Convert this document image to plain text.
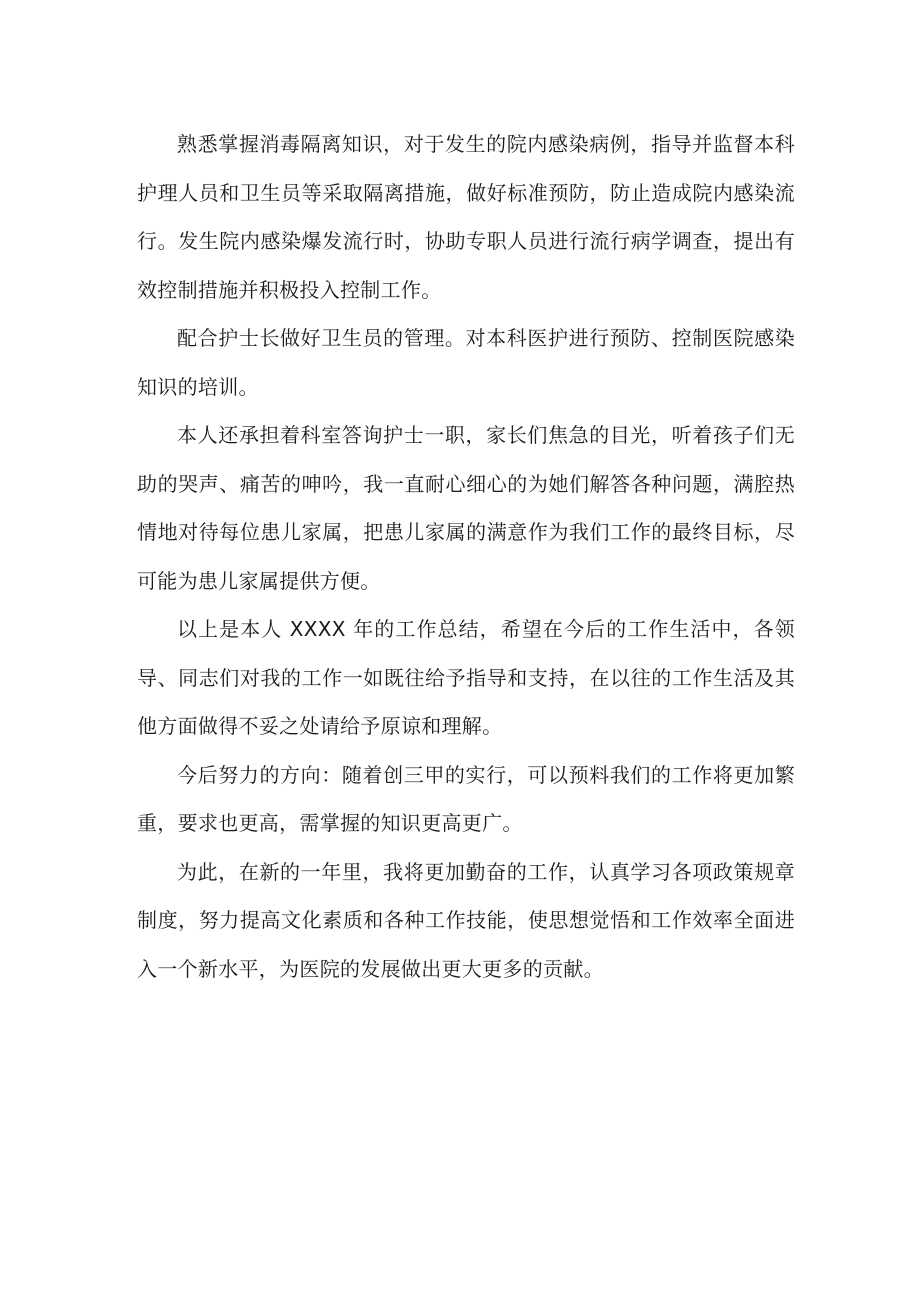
熟悉掌握消毒隔离知识，对于发生的院内感染病例，指导并监督本科护理人员和卫生员等采取隔离措施，做好标准预防，防止造成院内感染流行。发生院内感染爆发流行时，协助专职人员进行流行病学调查，提出有效控制措施并积极投入控制工作。

配合护士长做好卫生员的管理。对本科医护进行预防、控制医院感染知识的培训。

本人还承担着科室答询护士一职，家长们焦急的目光，听着孩子们无助的哭声、痛苦的呻吟，我一直耐心细心的为她们解答各种问题，满腔热情地对待每位患儿家属，把患儿家属的满意作为我们工作的最终目标，尽可能为患儿家属提供方便。

以上是本人 XXXX 年的工作总结，希望在今后的工作生活中，各领导、同志们对我的工作一如既往给予指导和支持，在以往的工作生活及其他方面做得不妥之处请给予原谅和理解。

今后努力的方向：随着创三甲的实行，可以预料我们的工作将更加繁重，要求也更高，需掌握的知识更高更广。

为此，在新的一年里，我将更加勤奋的工作，认真学习各项政策规章制度，努力提高文化素质和各种工作技能，使思想觉悟和工作效率全面进入一个新水平，为医院的发展做出更大更多的贡献。
